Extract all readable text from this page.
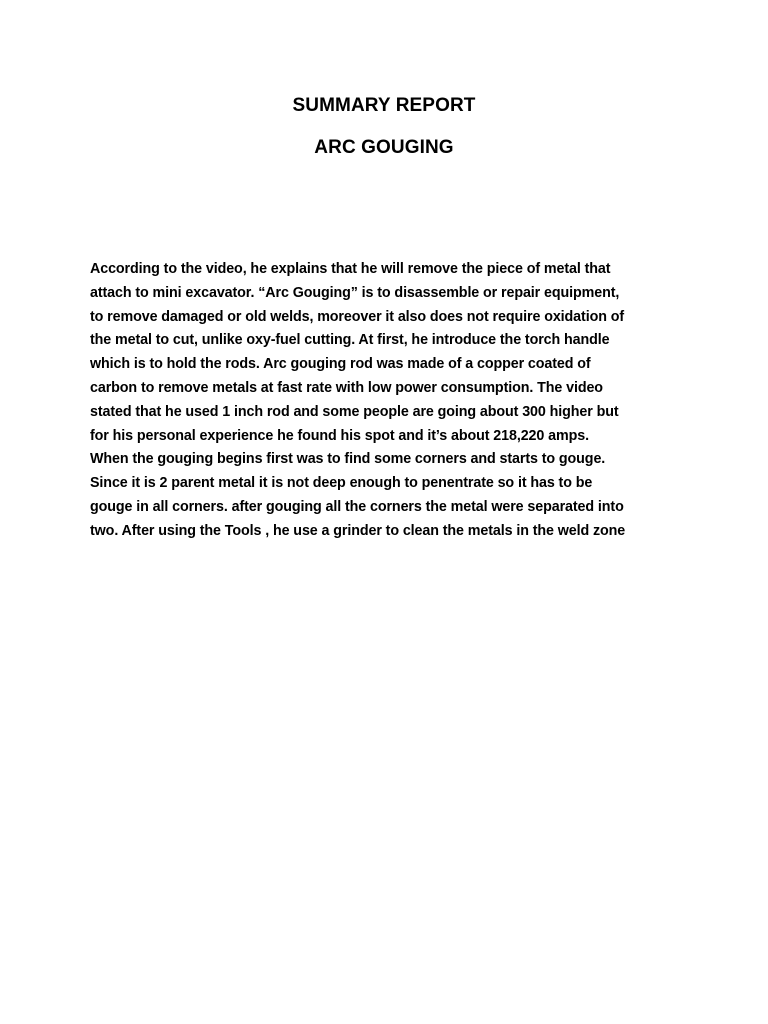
SUMMARY REPORT
ARC GOUGING
According to the video, he explains that he will remove the piece of metal that
attach to mini excavator. “Arc Gouging” is to disassemble or repair equipment,
to remove damaged or old welds, moreover it also does not require oxidation of
the metal to cut, unlike oxy-fuel cutting. At first, he introduce the torch handle
which is to hold the rods. Arc gouging rod was made of a copper coated of
carbon to remove metals at fast rate with low power consumption. The video
stated that he used 1 inch rod and some people are going about 300 higher but
for his personal experience he found his spot and it’s about 218,220 amps.
When the gouging begins first was to find some corners and starts to gouge.
Since it is 2 parent metal it is not deep enough to penentrate so it has to be
gouge in all corners. after gouging all the corners the metal were separated into
two. After using the Tools , he use a grinder to clean the metals in the weld zone
